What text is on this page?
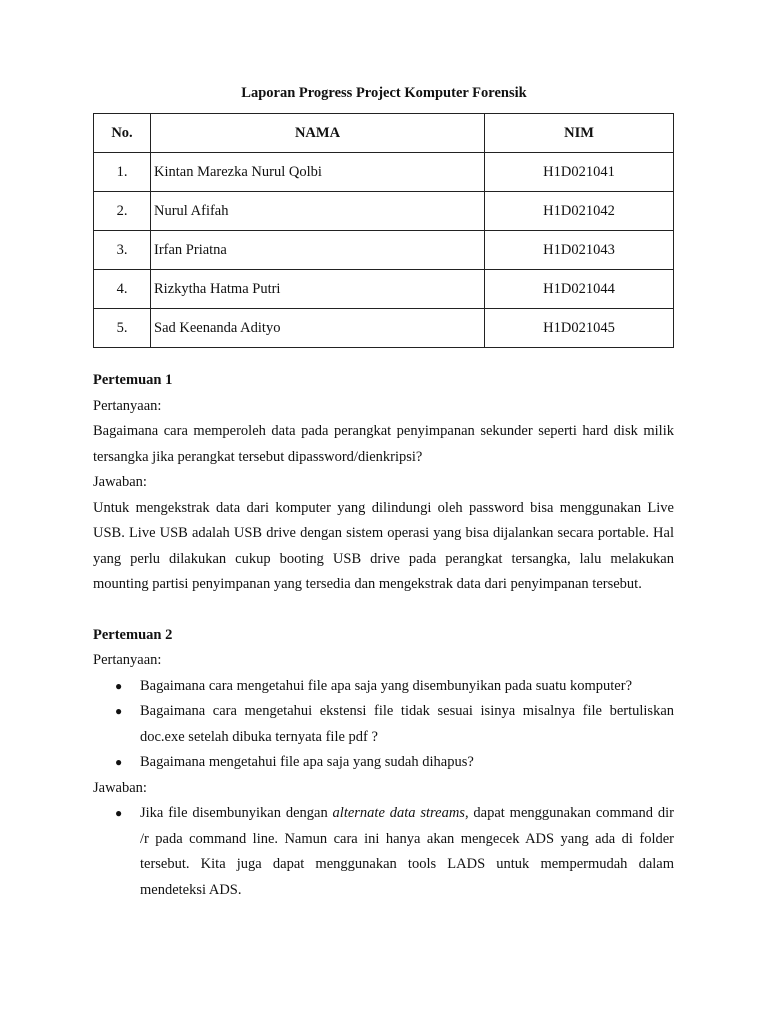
Laporan Progress Project Komputer Forensik
No.	NAMA	NIM
1.	Kintan Marezka Nurul Qolbi	H1D021041
2.	Nurul Afifah	H1D021042
3.	Irfan Priatna	H1D021043
4.	Rizkytha Hatma Putri	H1D021044
5.	Sad Keenanda Adityo	H1D021045

Pertemuan 1

Pertanyaan:

Bagaimana cara memperoleh data pada perangkat penyimpanan sekunder seperti hard disk milik tersangka jika perangkat tersebut dipassword/dienkripsi?

Jawaban:

Untuk mengekstrak data dari komputer yang dilindungi oleh password bisa menggunakan Live USB. Live USB adalah USB drive dengan sistem operasi yang bisa dijalankan secara portable. Hal yang perlu dilakukan cukup booting USB drive pada perangkat tersangka, lalu melakukan mounting partisi penyimpanan yang tersedia dan mengekstrak data dari penyimpanan tersebut.

Pertemuan 2

Pertanyaan:

● Bagaimana cara mengetahui file apa saja yang disembunyikan pada suatu komputer?
● Bagaimana cara mengetahui ekstensi file tidak sesuai isinya misalnya file bertuliskan doc.exe setelah dibuka ternyata file pdf ?
● Bagaimana mengetahui file apa saja yang sudah dihapus?

Jawaban:

● Jika file disembunyikan dengan alternate data streams, dapat menggunakan command dir /r pada command line. Namun cara ini hanya akan mengecek ADS yang ada di folder tersebut. Kita juga dapat menggunakan tools LADS untuk mempermudah dalam mendeteksi ADS.
